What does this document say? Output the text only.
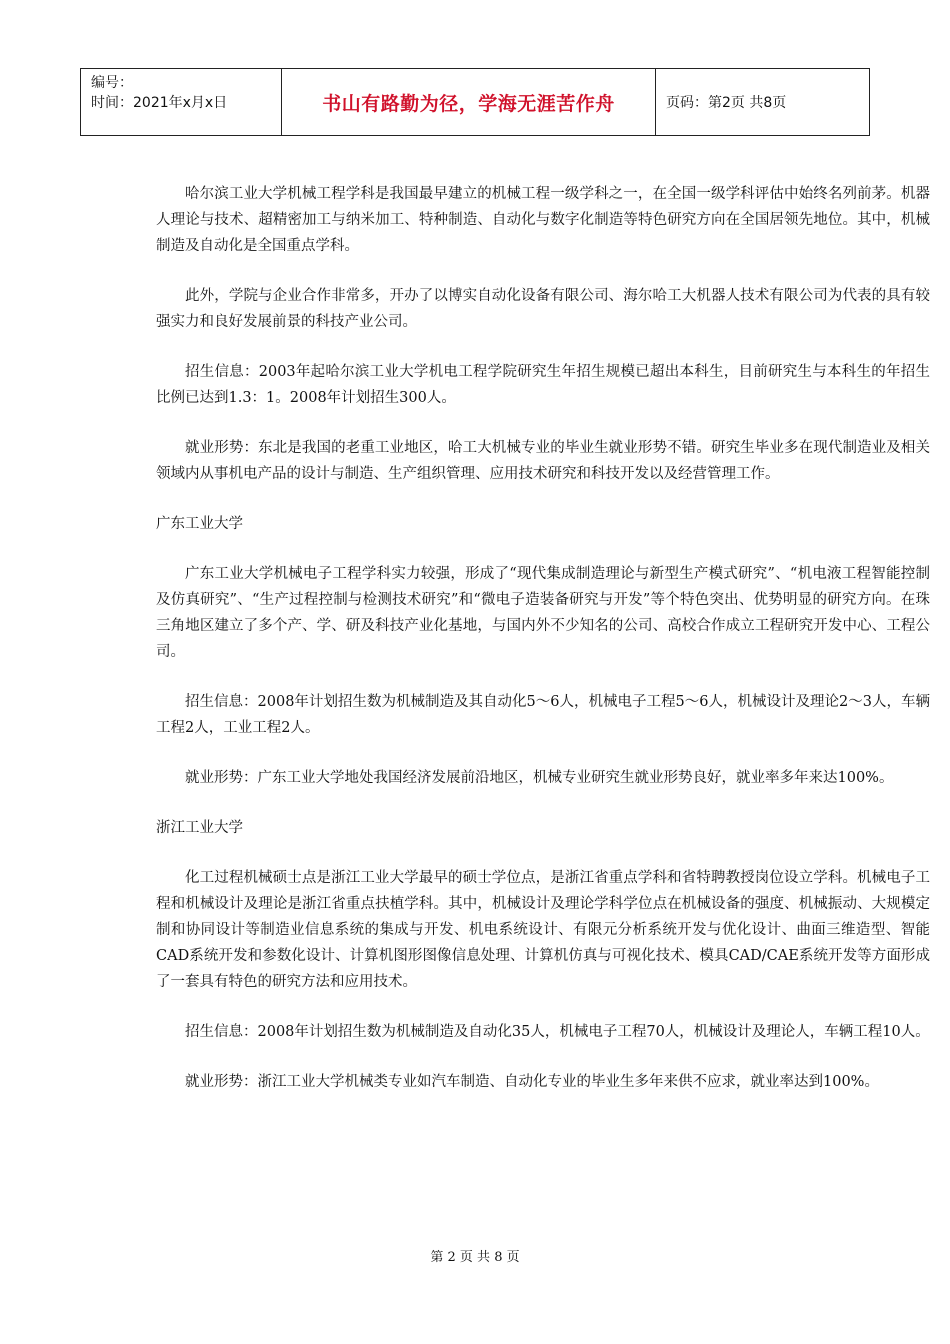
编号：
时间：2021年x月x日	书山有路勤为径，学海无涯苦作舟	页码：第2页 共8页

哈尔滨工业大学机械工程学科是我国最早建立的机械工程一级学科之一，在全国一级学科评估中始终名列前茅。机器人理论与技术、超精密加工与纳米加工、特种制造、自动化与数字化制造等特色研究方向在全国居领先地位。其中，机械制造及自动化是全国重点学科。

此外，学院与企业合作非常多，开办了以博实自动化设备有限公司、海尔哈工大机器人技术有限公司为代表的具有较强实力和良好发展前景的科技产业公司。

招生信息：2003年起哈尔滨工业大学机电工程学院研究生年招生规模已超出本科生，目前研究生与本科生的年招生比例已达到1.3：1。2008年计划招生300人。

就业形势：东北是我国的老重工业地区，哈工大机械专业的毕业生就业形势不错。研究生毕业多在现代制造业及相关领域内从事机电产品的设计与制造、生产组织管理、应用技术研究和科技开发以及经营管理工作。

广东工业大学

广东工业大学机械电子工程学科实力较强，形成了“现代集成制造理论与新型生产模式研究”、“机电液工程智能控制及仿真研究”、“生产过程控制与检测技术研究”和“微电子造装备研究与开发”等个特色突出、优势明显的研究方向。在珠三角地区建立了多个产、学、研及科技产业化基地，与国内外不少知名的公司、高校合作成立工程研究开发中心、工程公司。

招生信息：2008年计划招生数为机械制造及其自动化5～6人，机械电子工程5～6人，机械设计及理论2～3人，车辆工程2人，工业工程2人。

就业形势：广东工业大学地处我国经济发展前沿地区，机械专业研究生就业形势良好，就业率多年来达100%。

浙江工业大学

化工过程机械硕士点是浙江工业大学最早的硕士学位点，是浙江省重点学科和省特聘教授岗位设立学科。机械电子工程和机械设计及理论是浙江省重点扶植学科。其中，机械设计及理论学科学位点在机械设备的强度、机械振动、大规模定制和协同设计等制造业信息系统的集成与开发、机电系统设计、有限元分析系统开发与优化设计、曲面三维造型、智能CAD系统开发和参数化设计、计算机图形图像信息处理、计算机仿真与可视化技术、模具CAD/CAE系统开发等方面形成了一套具有特色的研究方法和应用技术。

招生信息：2008年计划招生数为机械制造及自动化35人，机械电子工程70人，机械设计及理论人，车辆工程10人。

就业形势：浙江工业大学机械类专业如汽车制造、自动化专业的毕业生多年来供不应求，就业率达到100%。

第 2 页 共 8 页
